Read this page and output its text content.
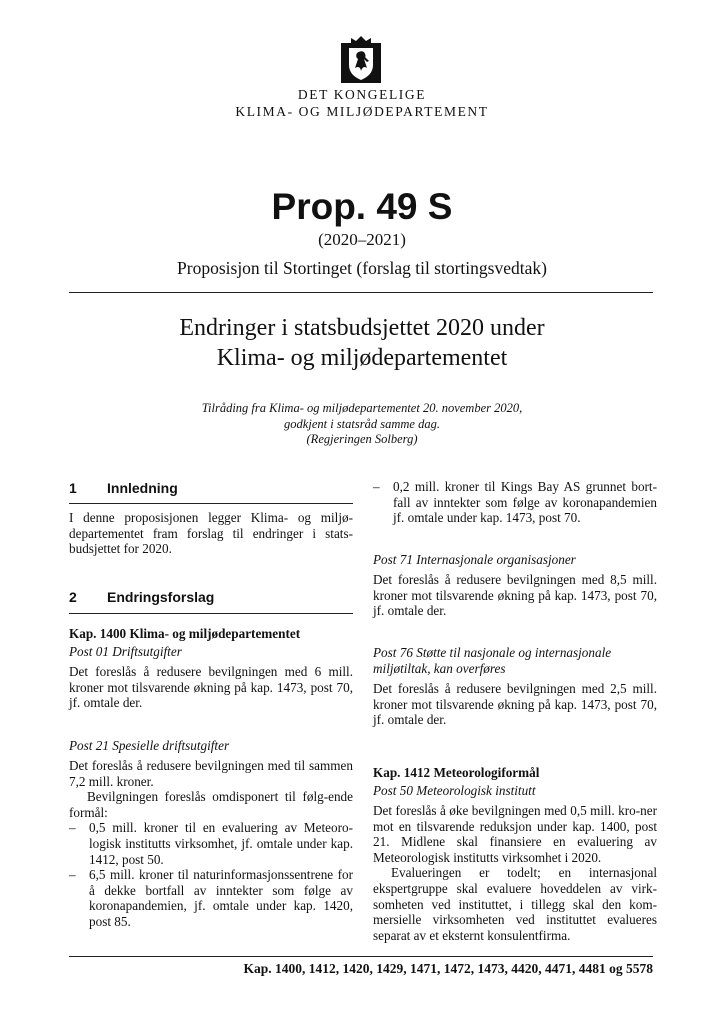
DET KONGELIGE
KLIMA- OG MILJØDEPARTEMENT
Prop. 49 S
(2020–2021)
Proposisjon til Stortinget (forslag til stortingsvedtak)
Endringer i statsbudsjettet 2020 under
Klima- og miljødepartementet
Tilråding fra Klima- og miljødepartementet 20. november 2020,
godkjent i statsråd samme dag.
(Regjeringen Solberg)
1	Innledning
I denne proposisjonen legger Klima- og miljø-departementet fram forslag til endringer i stats-budsjettet for 2020.
2	Endringsforslag
Kap. 1400 Klima- og miljødepartementet
Post 01 Driftsutgifter
Det foreslås å redusere bevilgningen med 6 mill. kroner mot tilsvarende økning på kap. 1473, post 70, jf. omtale der.
Post 21 Spesielle driftsutgifter
Det foreslås å redusere bevilgningen med til sammen 7,2 mill. kroner.
Bevilgningen foreslås omdisponert til følg-ende formål:
– 0,5 mill. kroner til en evaluering av Meteoro-logisk institutts virksomhet, jf. omtale under kap. 1412, post 50.
– 6,5 mill. kroner til naturinformasjonssentrene for å dekke bortfall av inntekter som følge av koronapandemien, jf. omtale under kap. 1420, post 85.
– 0,2 mill. kroner til Kings Bay AS grunnet bort-fall av inntekter som følge av koronapandemien jf. omtale under kap. 1473, post 70.
Post 71 Internasjonale organisasjoner
Det foreslås å redusere bevilgningen med 8,5 mill. kroner mot tilsvarende økning på kap. 1473, post 70, jf. omtale der.
Post 76 Støtte til nasjonale og internasjonale miljøtiltak, kan overføres
Det foreslås å redusere bevilgningen med 2,5 mill. kroner mot tilsvarende økning på kap. 1473, post 70, jf. omtale der.
Kap. 1412 Meteorologiformål
Post 50 Meteorologisk institutt
Det foreslås å øke bevilgningen med 0,5 mill. kro-ner mot en tilsvarende reduksjon under kap. 1400, post 21. Midlene skal finansiere en evaluering av Meteorologisk institutts virksomhet i 2020.
Evalueringen er todelt; en internasjonal ekspertgruppe skal evaluere hoveddelen av virk-somheten ved instituttet, i tillegg skal den kom-mersielle virksomheten ved instituttet evalueres separat av et eksternt konsulentfirma.
Kap. 1400, 1412, 1420, 1429, 1471, 1472, 1473, 4420, 4471, 4481 og 5578
